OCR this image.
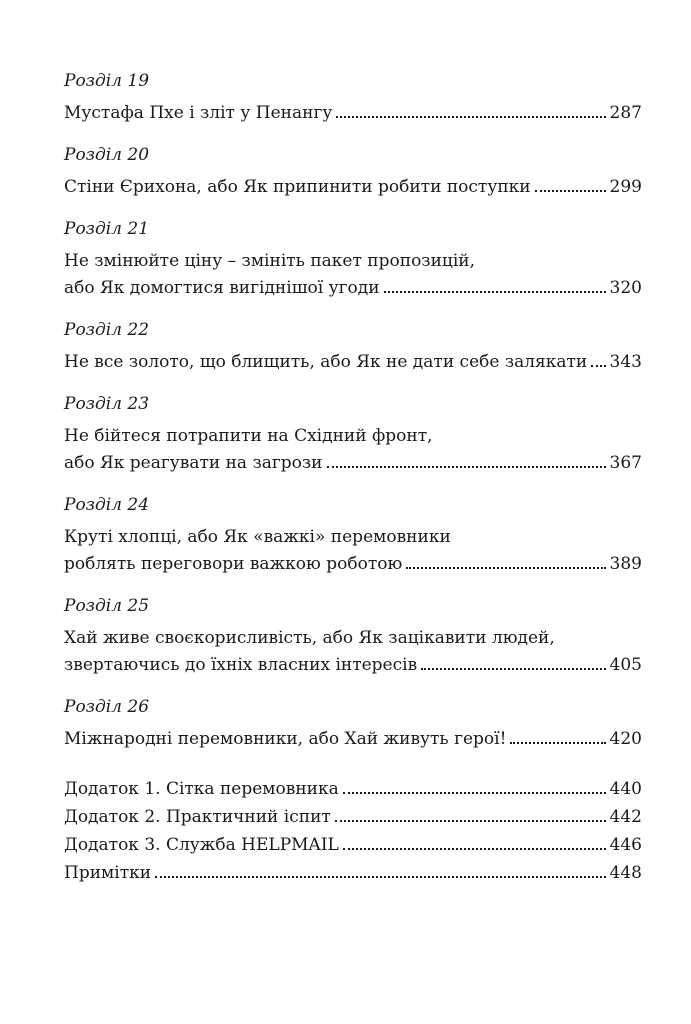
Розділ 19
Мустафа Пхе і зліт у Пенангу	287
Розділ 20
Стіни Єрихона, або Як припинити робити поступки	299
Розділ 21
Не змінюйте ціну – змініть пакет пропозицій,
або Як домогтися вигіднішої угоди	320
Розділ 22
Не все золото, що блищить, або Як не дати себе залякати 343
Розділ 23
Не бійтеся потрапити на Східний фронт,
або Як реагувати на загрози	367
Розділ 24
Круті хлопці, або Як «важкі» перемовники
роблять переговори важкою роботою	389
Розділ 25
Хай живе своєкорисливість, або Як зацікавити людей,
звертаючись до їхніх власних інтересів	405
Розділ 26
Міжнародні перемовники, або Хай живуть герої!	420
Додаток 1. Сітка перемовника	440
Додаток 2. Практичний іспит	442
Додаток 3. Служба HELPMAIL	446
Примітки	448
